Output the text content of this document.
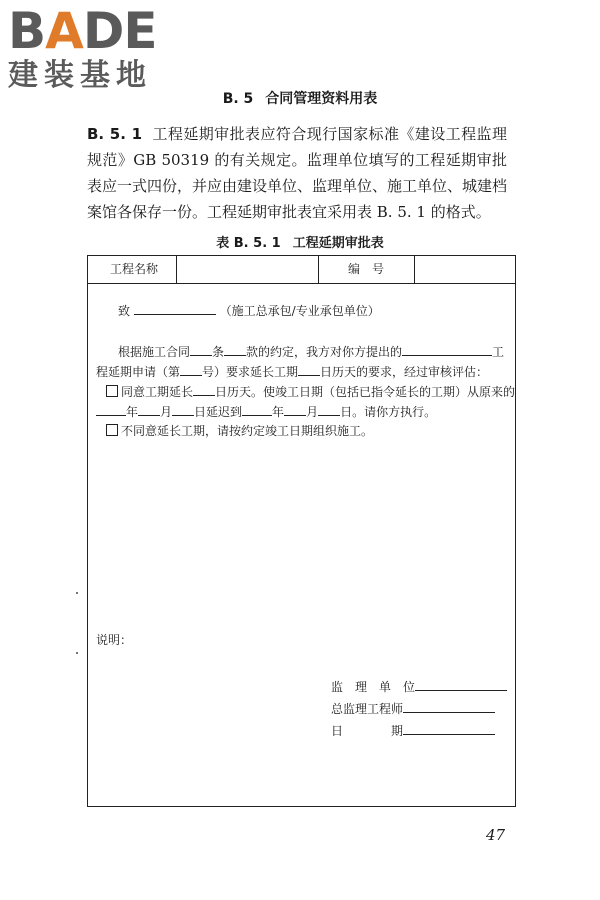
BADE
建装基地
B. 5 合同管理资料用表
B. 5. 1 工程延期审批表应符合现行国家标准《建设工程监理规范》GB 50319 的有关规定。监理单位填写的工程延期审批表应一式四份，并应由建设单位、监理单位、施工单位、城建档案馆各保存一份。工程延期审批表宜采用表 B. 5. 1 的格式。
表 B. 5. 1 工程延期审批表
工程名称	编　号
致	（施工总承包/专业承包单位）
根据施工合同 条 款的约定，我方对你方提出的	工
程延期申请（第 号）要求延长工期 日历天的要求，经过审核评估：
同意工期延长 日历天。使竣工日期（包括已指令延长的工期）从原来的
年 月 日延迟到	年 月 日。请你方执行。
不同意延长工期，请按约定竣工日期组织施工。
说明：
监　理　单　位
总监理工程师
日　　　　期
47
